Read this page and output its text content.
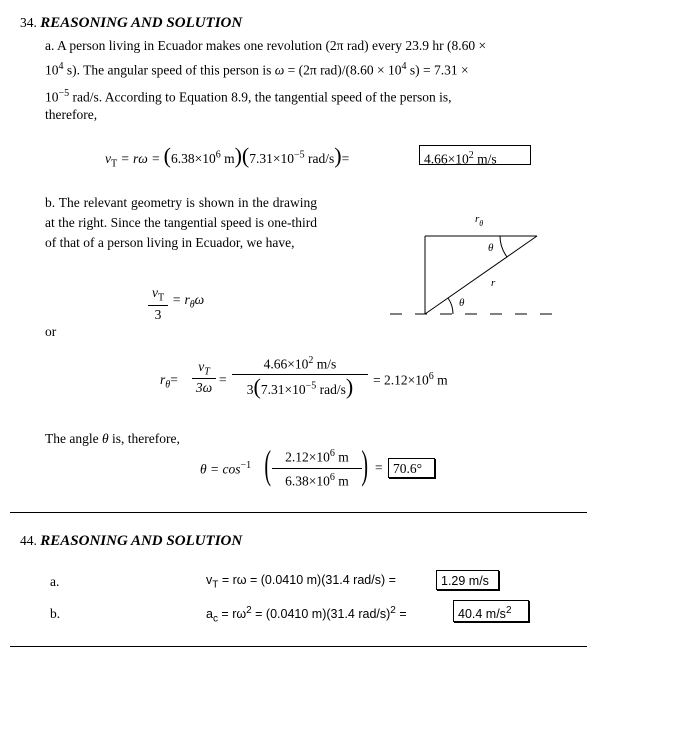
34. REASONING AND SOLUTION
a. A person living in Ecuador makes one revolution (2π rad) every 23.9 hr (8.60 ×
$10^4$ s). The angular speed of this person is ω = (2π $rad)/(8.60 \times 10^4$ s) = 7.31 ×
$10^{-5}$ rad/s. According to Equation 8.9, the tangential speed of the person is,
therefore,
$v_T = r\omega = (6.38\times 10^6$ $m)(7.31\times 10^{-5}$ rad/s)=	$4.66\times 10^2$ m/s
b. The relevant geometry is shown in the drawing at the right. Since the tangential speed is one-third of that of a person living in Ecuador, we have,
$v_T$
3
= $r_\theta\omega$
$r_\theta$
θ
r
θ
or
$r_\theta=$
$v_T$
3ω
=
$4.66\times 10^2$ m/s
$3(7.31\times 10^{-5}$ rad/s)	= $2.12\times 10^6$ m
The angle θ is, therefore,
$\theta = \cos^{-1}$ (	$2.12\times 10^6$ m
$6.38\times 10^6$ m ) = 70.6°
44. REASONING AND SOLUTION
a.	$v_T = r\omega = (0.0410$ m)(31.4 rad/s) =	1.29 m/s
b.	$a_c = r\omega^2 = (0.0410$ m)(31.4 rad/s)$^2$ =	40.4 $m/s^2$
